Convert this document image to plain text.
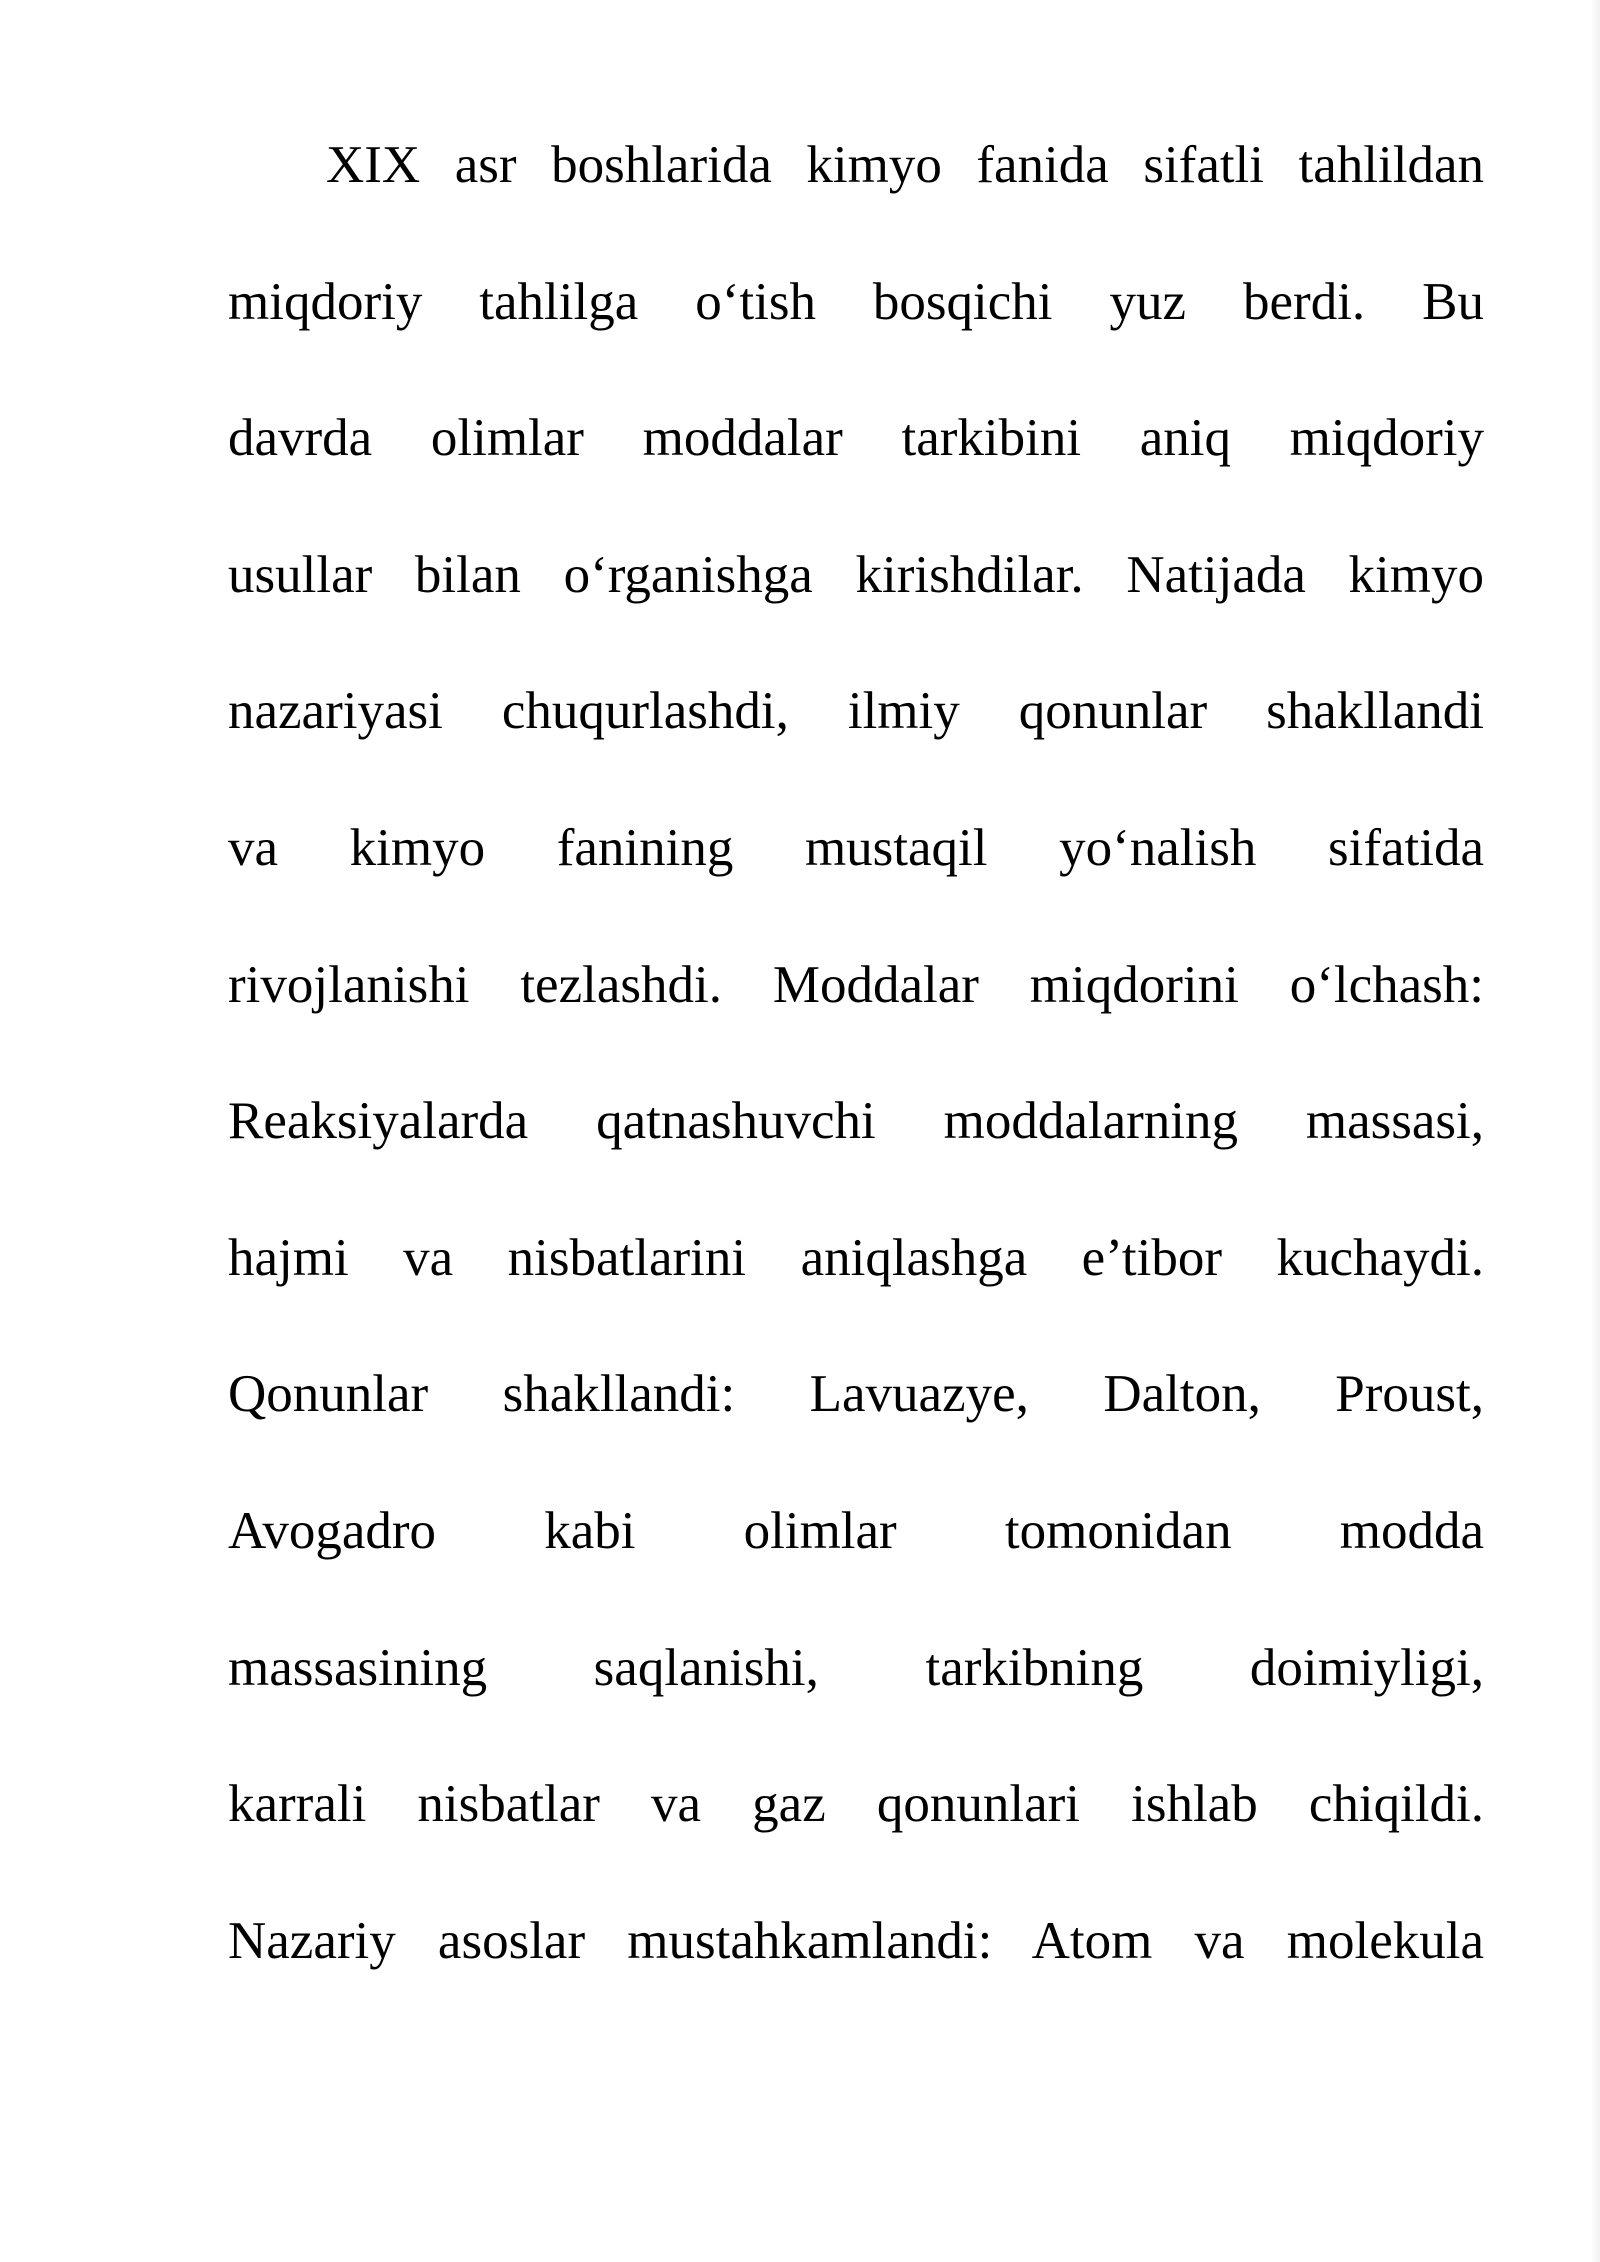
XIX asr boshlarida kimyo fanida sifatli tahlildan
miqdoriy tahlilga o‘tish bosqichi yuz berdi. Bu
davrda olimlar moddalar tarkibini aniq miqdoriy
usullar bilan o‘rganishga kirishdilar. Natijada kimyo
nazariyasi chuqurlashdi, ilmiy qonunlar shakllandi
va kimyo fanining mustaqil yo‘nalish sifatida
rivojlanishi tezlashdi. Moddalar miqdorini o‘lchash:
Reaksiyalarda qatnashuvchi moddalarning massasi,
hajmi va nisbatlarini aniqlashga e’tibor kuchaydi.
Qonunlar shakllandi: Lavuazye, Dalton, Proust,
Avogadro kabi olimlar tomonidan modda
massasining saqlanishi, tarkibning doimiyligi,
karrali nisbatlar va gaz qonunlari ishlab chiqildi.
Nazariy asoslar mustahkamlandi: Atom va molekula
